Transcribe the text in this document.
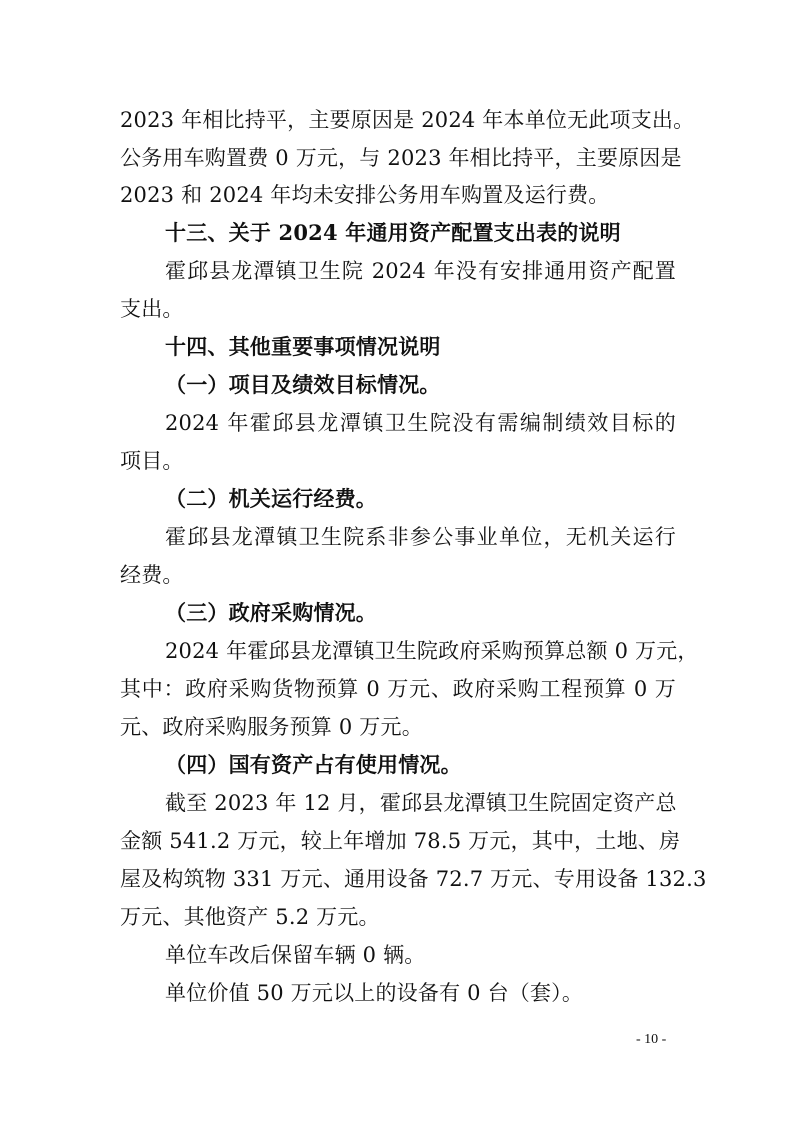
2023 年相比持平，主要原因是 2024 年本单位无此项支出。
公务用车购置费 0 万元，与 2023 年相比持平，主要原因是
2023 和 2024 年均未安排公务用车购置及运行费。
十三、关于 2024 年通用资产配置支出表的说明
霍邱县龙潭镇卫生院 2024 年没有安排通用资产配置
支出。
十四、其他重要事项情况说明
（一）项目及绩效目标情况。
2024 年霍邱县龙潭镇卫生院没有需编制绩效目标的
项目。
（二）机关运行经费。
霍邱县龙潭镇卫生院系非参公事业单位，无机关运行
经费。
（三）政府采购情况。
2024 年霍邱县龙潭镇卫生院政府采购预算总额 0 万元，
其中：政府采购货物预算 0 万元、政府采购工程预算 0 万
元、政府采购服务预算 0 万元。
（四）国有资产占有使用情况。
截至 2023 年 12 月，霍邱县龙潭镇卫生院固定资产总
金额 541.2 万元，较上年增加 78.5 万元，其中，土地、房
屋及构筑物 331 万元、通用设备 72.7 万元、专用设备 132.3
万元、其他资产 5.2 万元。
单位车改后保留车辆 0 辆。
单位价值 50 万元以上的设备有 0 台（套）。
- 10 -
